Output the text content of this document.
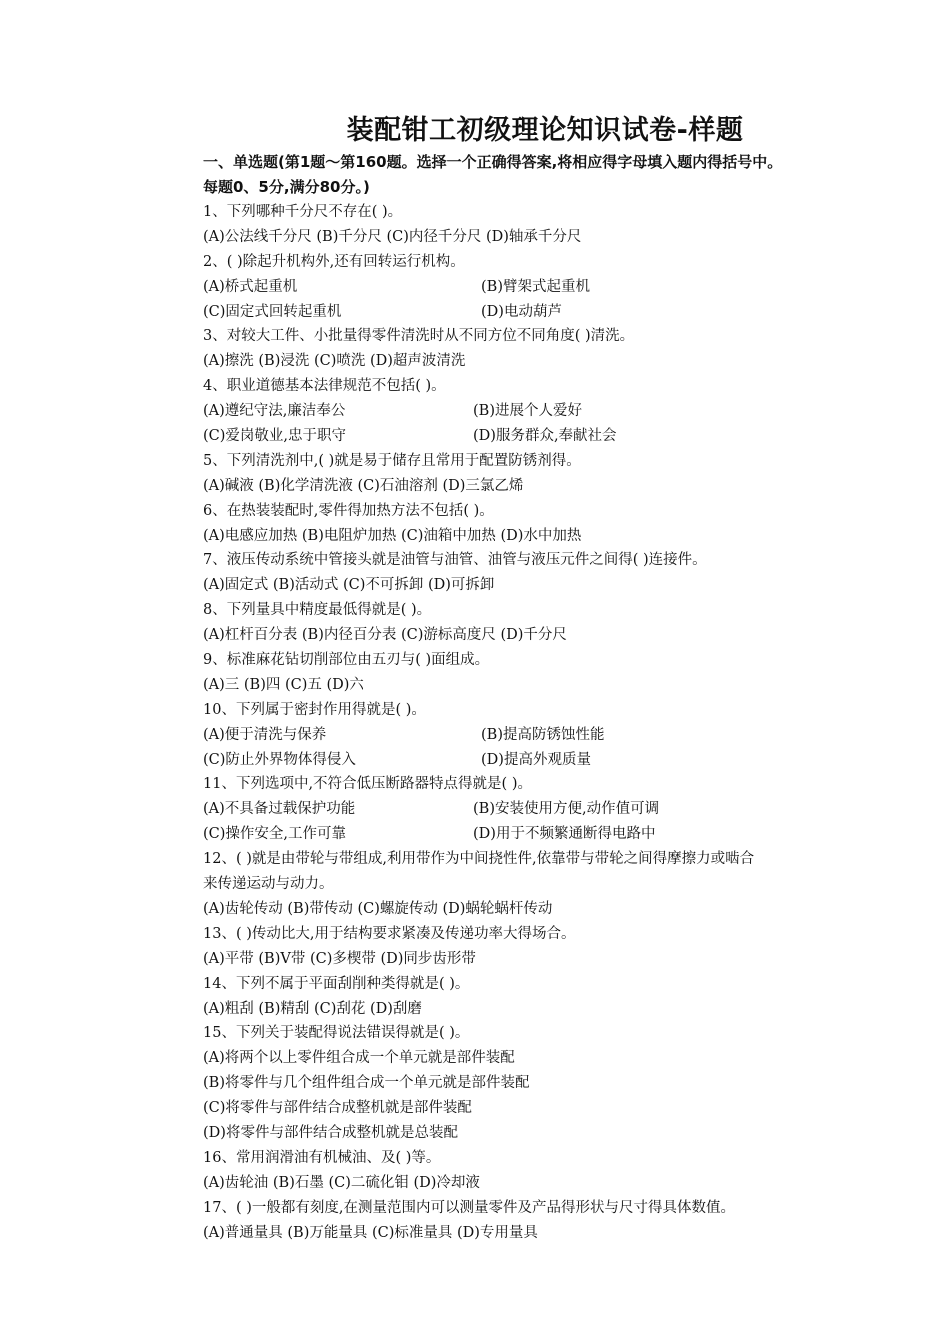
装配钳工初级理论知识试卷-样题
一、单选题(第1题～第160题。选择一个正确得答案,将相应得字母填入题内得括号中。
每题0、5分,满分80分。)
1、下列哪种千分尺不存在( )。
(A)公法线千分尺 (B)千分尺 (C)内径千分尺 (D)轴承千分尺
2、( )除起升机构外,还有回转运行机构。
(A)桥式起重机	(B)臂架式起重机
(C)固定式回转起重机	(D)电动葫芦
3、对较大工件、小批量得零件清洗时从不同方位不同角度( )清洗。
(A)擦洗 (B)浸洗 (C)喷洗 (D)超声波清洗
4、职业道德基本法律规范不包括( )。
(A)遵纪守法,廉洁奉公	(B)进展个人爱好
(C)爱岗敬业,忠于职守	(D)服务群众,奉献社会
5、下列清洗剂中,( )就是易于储存且常用于配置防锈剂得。
(A)碱液 (B)化学清洗液 (C)石油溶剂 (D)三氯乙烯
6、在热装装配时,零件得加热方法不包括( )。
(A)电感应加热 (B)电阻炉加热 (C)油箱中加热 (D)水中加热
7、液压传动系统中管接头就是油管与油管、油管与液压元件之间得( )连接件。
(A)固定式 (B)活动式 (C)不可拆卸 (D)可拆卸
8、下列量具中精度最低得就是( )。
(A)杠杆百分表 (B)内径百分表 (C)游标高度尺 (D)千分尺
9、标准麻花钻切削部位由五刃与( )面组成。
(A)三 (B)四 (C)五 (D)六
10、下列属于密封作用得就是( )。
(A)便于清洗与保养	(B)提高防锈蚀性能
(C)防止外界物体得侵入	(D)提高外观质量
11、下列选项中,不符合低压断路器特点得就是( )。
(A)不具备过载保护功能	(B)安装使用方便,动作值可调
(C)操作安全,工作可靠	(D)用于不频繁通断得电路中
12、( )就是由带轮与带组成,利用带作为中间挠性件,依靠带与带轮之间得摩擦力或啮合
来传递运动与动力。
(A)齿轮传动 (B)带传动 (C)螺旋传动 (D)蜗轮蜗杆传动
13、( )传动比大,用于结构要求紧凑及传递功率大得场合。
(A)平带 (B)V带 (C)多楔带 (D)同步齿形带
14、下列不属于平面刮削种类得就是( )。
(A)粗刮 (B)精刮 (C)刮花 (D)刮磨
15、下列关于装配得说法错误得就是( )。
(A)将两个以上零件组合成一个单元就是部件装配
(B)将零件与几个组件组合成一个单元就是部件装配
(C)将零件与部件结合成整机就是部件装配
(D)将零件与部件结合成整机就是总装配
16、常用润滑油有机械油、及( )等。
(A)齿轮油 (B)石墨 (C)二硫化钼 (D)冷却液
17、( )一般都有刻度,在测量范围内可以测量零件及产品得形状与尺寸得具体数值。
(A)普通量具 (B)万能量具 (C)标准量具 (D)专用量具
